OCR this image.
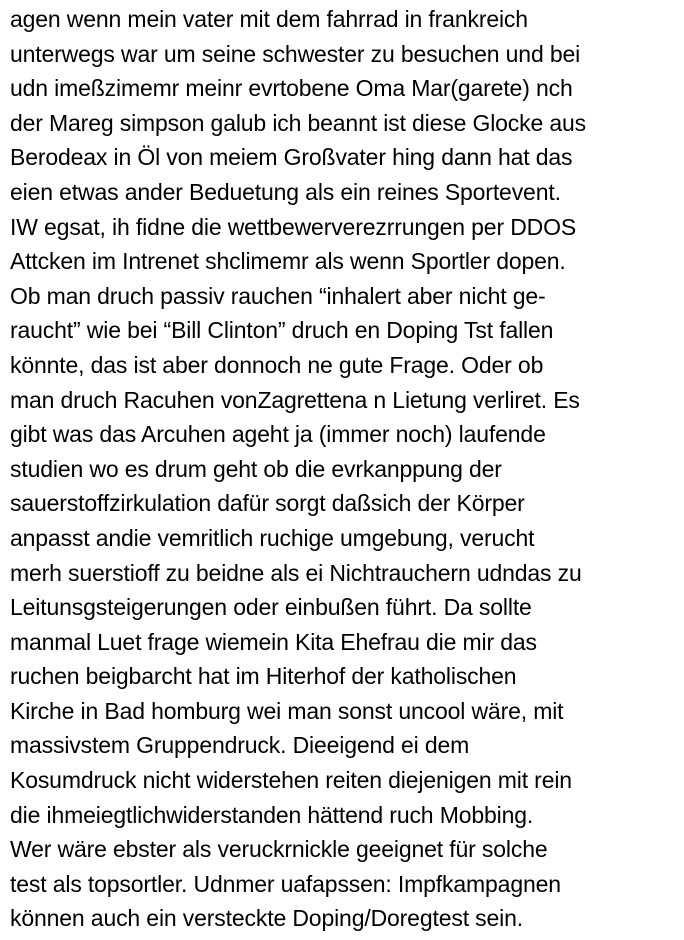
agen wenn mein vater mit dem fahrrad in frankreich
unterwegs war um seine schwester zu besuchen und bei
udn imeßzimemr meinr evrtobene Oma Mar(garete) nch
der Mareg simpson galub ich beannt ist diese Glocke aus
Berodeax in Öl von meiem Großvater hing dann hat das
eien etwas ander Beduetung als ein reines Sportevent.
IW egsat, ih fidne die wettbewerverezrrungen per DDOS
Attcken im Intrenet shclimemr als wenn Sportler dopen.
Ob man druch passiv rauchen “inhalert aber nicht ge-
raucht” wie bei “Bill Clinton” druch en Doping Tst fallen
könnte, das ist aber donnoch ne gute Frage. Oder ob
man druch Racuhen vonZagrettena n Lietung verliret. Es
gibt was das Arcuhen ageht ja (immer noch) laufende
studien wo es drum geht ob die evrkanppung der
sauerstoffzirkulation dafür sorgt daßsich der Körper
anpasst andie vemritlich ruchige umgebung, verucht
merh suerstioff zu beidne als ei Nichtrauchern udndas zu
Leitunsgsteigerungen oder einbußen führt. Da sollte
manmal Luet frage wiemein Kita Ehefrau die mir das
ruchen beigbarcht hat im Hiterhof der katholischen
Kirche in Bad homburg wei man sonst uncool wäre, mit
massivstem Gruppendruck. Dieeigend ei dem
Kosumdruck nicht widerstehen reiten diejenigen mit rein
die ihmeiegtlichwiderstanden hättend ruch Mobbing.
Wer wäre ebster als veruckrnickle geeignet für solche
test als topsortler. Udnmer uafapssen: Impfkampagnen
können auch ein versteckte Doping/Doregtest sein.
